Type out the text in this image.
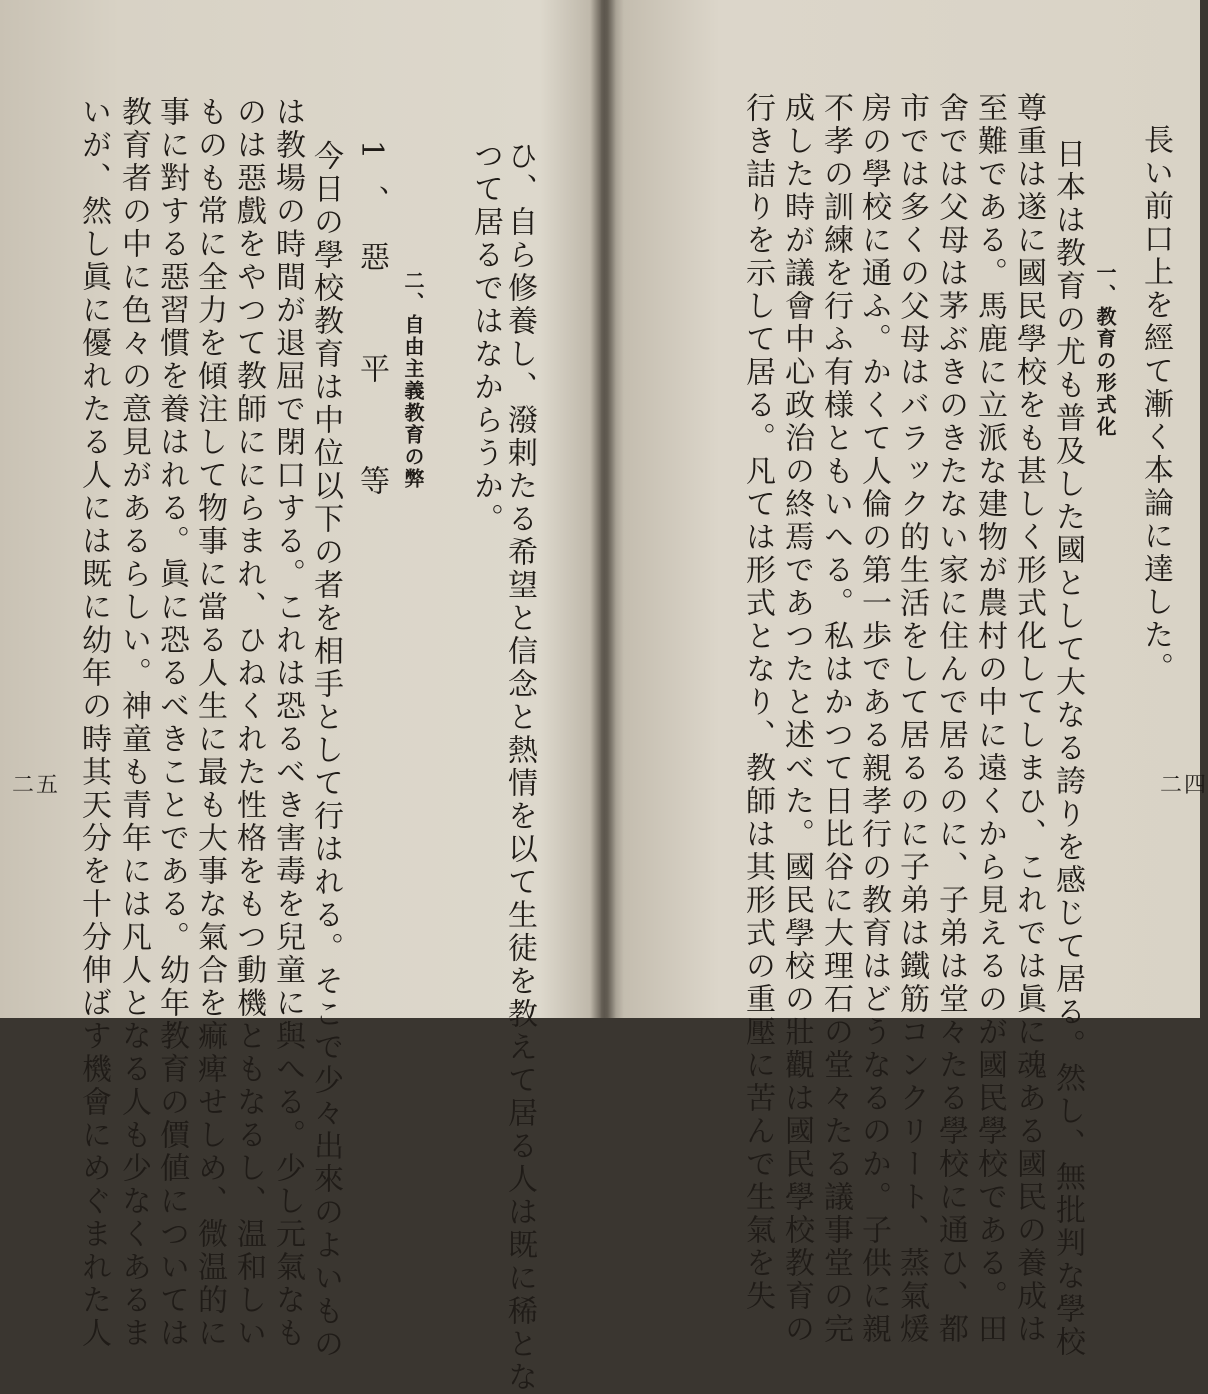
つて居るではなからうか。 ひ、自ら修養し、潑剌たる希望と信念と熱情を以て生徒を教えて居る人は既に稀とな
二、自由主義教育の弊
1、惡　平　等
今日の學校教育は中位以下の者を相手として行はれる。そこで少々出來のよいもの
は教場の時間が退屈で閉口する。これは恐るべき害毒を兒童に與へる。少し元氣なも
のは惡戲をやつて教師ににらまれ、ひねくれた性格をもつ動機ともなるし、温和しい
ものも常に全力を傾注して物事に當る人生に最も大事な氣合を痲痺せしめ、微温的に
事に對する惡習慣を養はれる。眞に恐るべきことである。幼年教育の價値については
教育者の中に色々の意見があるらしい。神童も青年には凡人となる人も少なくあるま
いが、然し眞に優れたる人には既に幼年の時其天分を十分伸ばす機會にめぐまれた人
二五
長い前口上を經て漸く本論に達した。
一、教育の形式化
日本は教育の尤も普及した國として大なる誇りを感じて居る。然し、無批判な學校
尊重は遂に國民學校をも甚しく形式化してしまひ、これでは眞に魂ある國民の養成は
至難である。馬鹿に立派な建物が農村の中に遠くから見えるのが國民學校である。田
舍では父母は茅ぶきのきたない家に住んで居るのに、子弟は堂々たる學校に通ひ、都
市では多くの父母はバラック的生活をして居るのに子弟は鐵筋コンクリート、蒸氣煖
房の學校に通ふ。かくて人倫の第一歩である親孝行の教育はどうなるのか。子供に親
不孝の訓練を行ふ有様ともいへる。私はかつて日比谷に大理石の堂々たる議事堂の完
成した時が議會中心政治の終焉であつたと述べた。國民學校の壯觀は國民學校教育の
行き詰りを示して居る。凡ては形式となり、教師は其形式の重壓に苦んで生氣を失	二四
